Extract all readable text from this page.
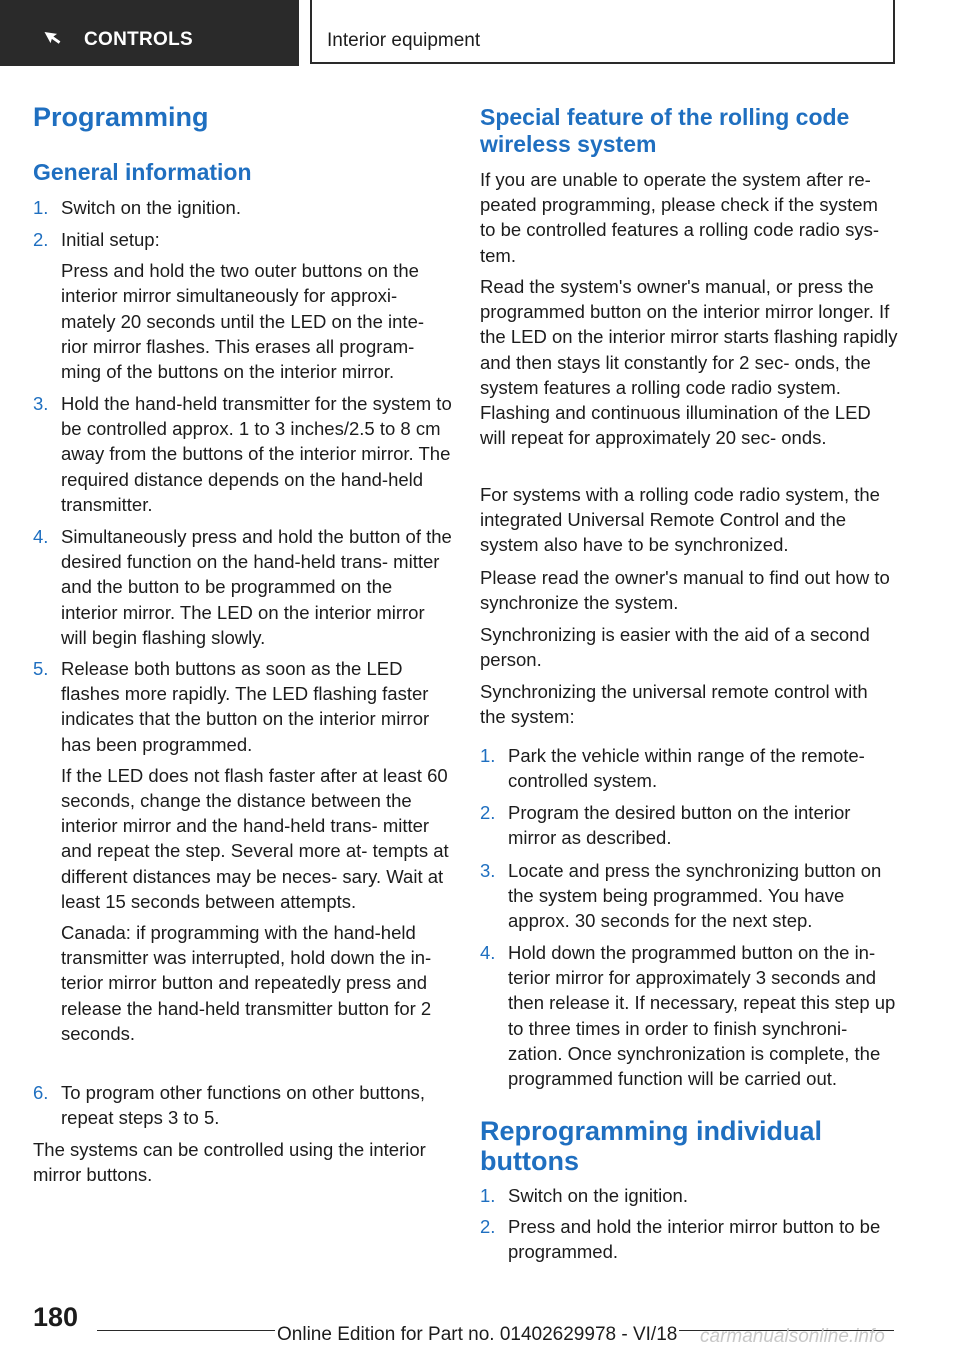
CONTROLS	Interior equipment
Programming
General information
1. Switch on the ignition.

2. Initial setup:

Press and hold the two outer buttons on the interior mirror simultaneously for approxi‐ mately 20 seconds until the LED on the inte‐ rior mirror flashes. This erases all program‐ ming of the buttons on the interior mirror.

3. Hold the hand-held transmitter for the system to be controlled approx. 1 to 3 inches/2.5 to 8 cm away from the buttons of the interior mirror. The required distance depends on the hand-held transmitter.

4. Simultaneously press and hold the button of the desired function on the hand-held trans‐ mitter and the button to be programmed on the interior mirror. The LED on the interior mirror will begin flashing slowly.

5. Release both buttons as soon as the LED flashes more rapidly. The LED flashing faster indicates that the button on the interior mirror has been programmed.

If the LED does not flash faster after at least 60 seconds, change the distance between the interior mirror and the hand-held trans‐ mitter and repeat the step. Several more at‐ tempts at different distances may be neces‐ sary. Wait at least 15 seconds between attempts.

Canada: if programming with the hand-held transmitter was interrupted, hold down the in‐ terior mirror button and repeatedly press and release the hand-held transmitter button for 2 seconds.

6. To program other functions on other buttons, repeat steps 3 to 5.

The systems can be controlled using the interior mirror buttons.

Special feature of the rolling code wireless system

If you are unable to operate the system after re‐ peated programming, please check if the system to be controlled features a rolling code radio sys‐ tem.

Read the system's owner's manual, or press the programmed button on the interior mirror longer. If the LED on the interior mirror starts flashing rapidly and then stays lit constantly for 2 sec‐ onds, the system features a rolling code radio system. Flashing and continuous illumination of the LED will repeat for approximately 20 sec‐ onds.

For systems with a rolling code radio system, the integrated Universal Remote Control and the system also have to be synchronized.

Please read the owner's manual to find out how to synchronize the system.

Synchronizing is easier with the aid of a second person.

Synchronizing the universal remote control with the system:

1. Park the vehicle within range of the remote- controlled system.

2. Program the desired button on the interior mirror as described.

3. Locate and press the synchronizing button on the system being programmed. You have approx. 30 seconds for the next step.

4. Hold down the programmed button on the in‐ terior mirror for approximately 3 seconds and then release it. If necessary, repeat this step up to three times in order to finish synchroni‐ zation. Once synchronization is complete, the programmed function will be carried out.

Reprogramming individual buttons
1. Switch on the ignition.

2. Press and hold the interior mirror button to be programmed.

180
Online Edition for Part no. 01402629978 - VI/18 carmanualsonline.info
